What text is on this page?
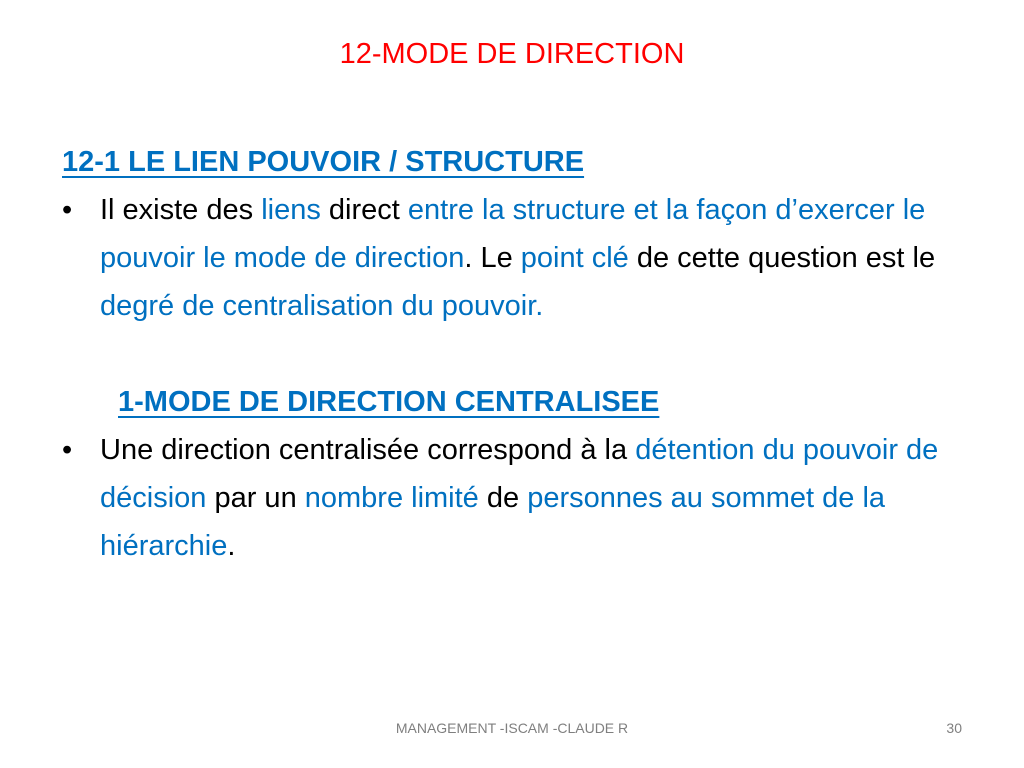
12-MODE DE DIRECTION
12-1 LE LIEN POUVOIR / STRUCTURE
• Il existe des liens direct entre la structure et la façon d’exercer le pouvoir le mode de direction. Le point clé de cette question est le degré de centralisation du pouvoir.
1-MODE DE DIRECTION CENTRALISEE
• Une direction centralisée correspond à la détention du pouvoir de décision par un nombre limité de personnes au sommet de la hiérarchie.
MANAGEMENT -ISCAM -CLAUDE R	30
